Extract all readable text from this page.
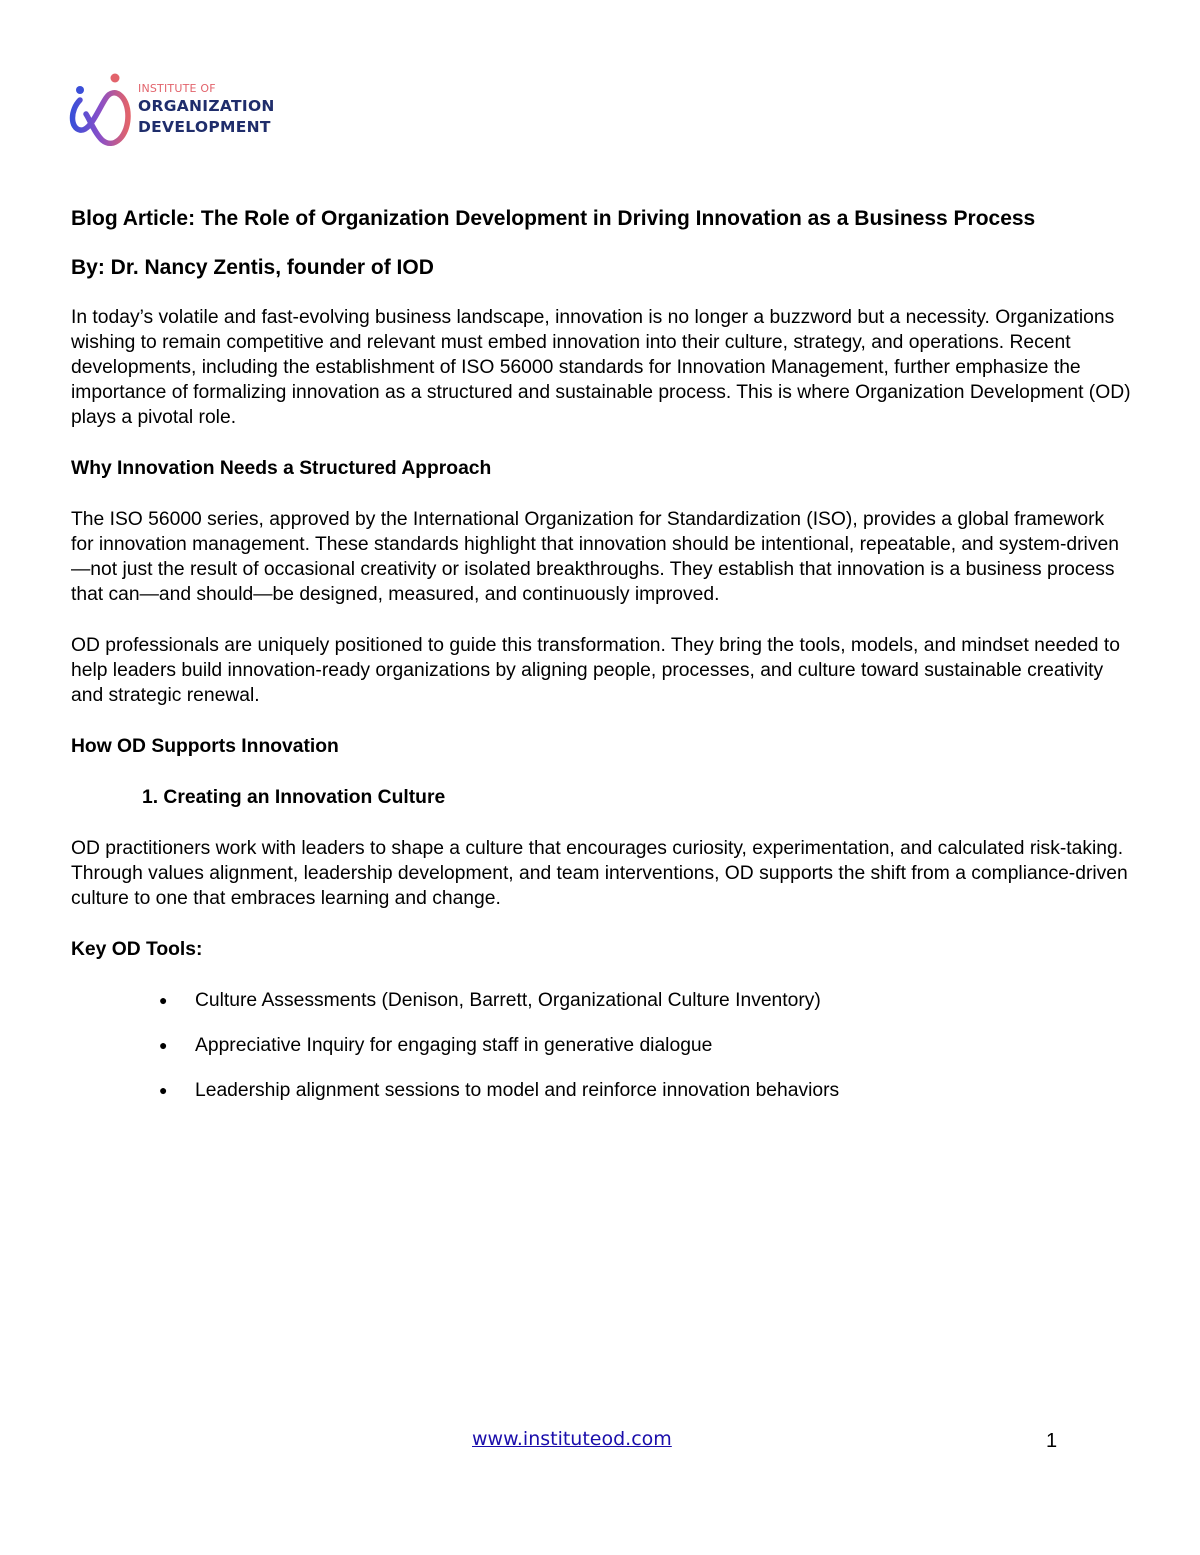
INSTITUTE OF
ORGANIZATION
DEVELOPMENT
Blog Article: The Role of Organization Development in Driving Innovation as a Business Process
By: Dr. Nancy Zentis, founder of IOD

In today’s volatile and fast-evolving business landscape, innovation is no longer a buzzword but a necessity. Organizations wishing to remain competitive and relevant must embed innovation into their culture, strategy, and operations. Recent developments, including the establishment of ISO 56000 standards for Innovation Management, further emphasize the importance of formalizing innovation as a structured and sustainable process. This is where Organization Development (OD) plays a pivotal role.

Why Innovation Needs a Structured Approach

The ISO 56000 series, approved by the International Organization for Standardization (ISO), provides a global framework for innovation management. These standards highlight that innovation should be intentional, repeatable, and system-driven—not just the result of occasional creativity or isolated breakthroughs. They establish that innovation is a business process that can—and should—be designed, measured, and continuously improved.

OD professionals are uniquely positioned to guide this transformation. They bring the tools, models, and mindset needed to help leaders build innovation-ready organizations by aligning people, processes, and culture toward sustainable creativity and strategic renewal.

How OD Supports Innovation
1. Creating an Innovation Culture

OD practitioners work with leaders to shape a culture that encourages curiosity, experimentation, and calculated risk-taking. Through values alignment, leadership development, and team interventions, OD supports the shift from a compliance-driven culture to one that embraces learning and change.

Key OD Tools:
● Culture Assessments (Denison, Barrett, Organizational Culture Inventory)
● Appreciative Inquiry for engaging staff in generative dialogue
● Leadership alignment sessions to model and reinforce innovation behaviors
www.instituteod.com	1
